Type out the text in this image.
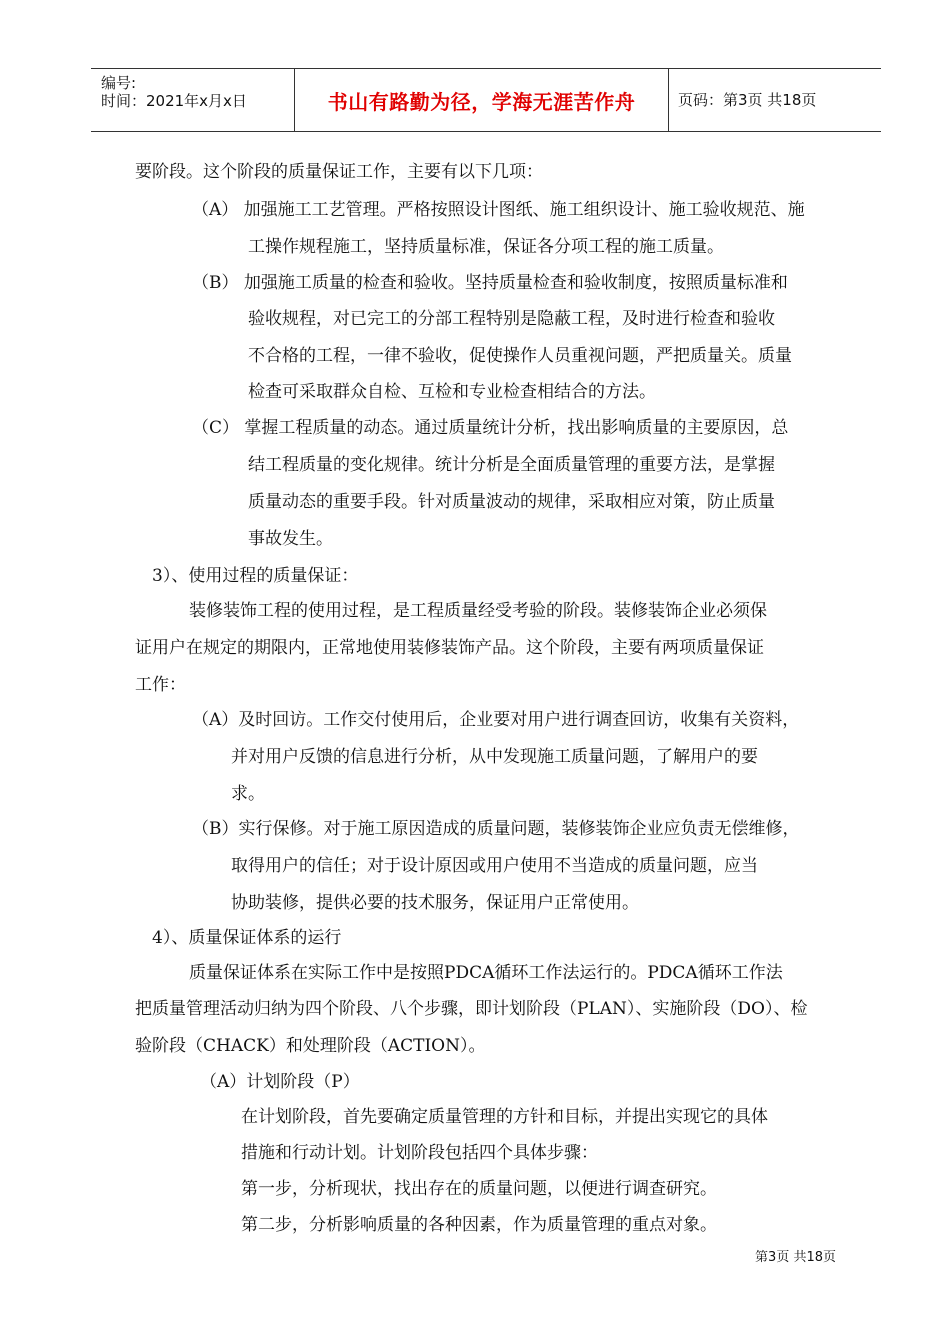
编号:
时间：2021年x月x日	书山有路勤为径，学海无涯苦作舟	页码：第3页 共18页
要阶段。这个阶段的质量保证工作，主要有以下几项：
（A） 加强施工工艺管理。严格按照设计图纸、施工组织设计、施工验收规范、施
工操作规程施工，坚持质量标准，保证各分项工程的施工质量。
（B） 加强施工质量的检查和验收。坚持质量检查和验收制度，按照质量标准和
验收规程，对已完工的分部工程特别是隐蔽工程，及时进行检查和验收
不合格的工程，一律不验收，促使操作人员重视问题，严把质量关。质量
检查可采取群众自检、互检和专业检查相结合的方法。
（C） 掌握工程质量的动态。通过质量统计分析，找出影响质量的主要原因，总
结工程质量的变化规律。统计分析是全面质量管理的重要方法，是掌握
质量动态的重要手段。针对质量波动的规律，采取相应对策，防止质量
事故发生。
3）、使用过程的质量保证：
装修装饰工程的使用过程，是工程质量经受考验的阶段。装修装饰企业必须保
证用户在规定的期限内，正常地使用装修装饰产品。这个阶段，主要有两项质量保证
工作：
（A）及时回访。工作交付使用后，企业要对用户进行调查回访，收集有关资料，
并对用户反馈的信息进行分析，从中发现施工质量问题，了解用户的要
求。
（B）实行保修。对于施工原因造成的质量问题，装修装饰企业应负责无偿维修，
取得用户的信任；对于设计原因或用户使用不当造成的质量问题，应当
协助装修，提供必要的技术服务，保证用户正常使用。
4）、质量保证体系的运行
质量保证体系在实际工作中是按照PDCA循环工作法运行的。PDCA循环工作法
把质量管理活动归纳为四个阶段、八个步骤，即计划阶段（PLAN）、实施阶段（DO）、检
验阶段（CHACK）和处理阶段（ACTION）。
（A）计划阶段（P）
在计划阶段，首先要确定质量管理的方针和目标，并提出实现它的具体
措施和行动计划。计划阶段包括四个具体步骤：
第一步，分析现状，找出存在的质量问题，以便进行调查研究。
第二步，分析影响质量的各种因素，作为质量管理的重点对象。
第3页 共18页
